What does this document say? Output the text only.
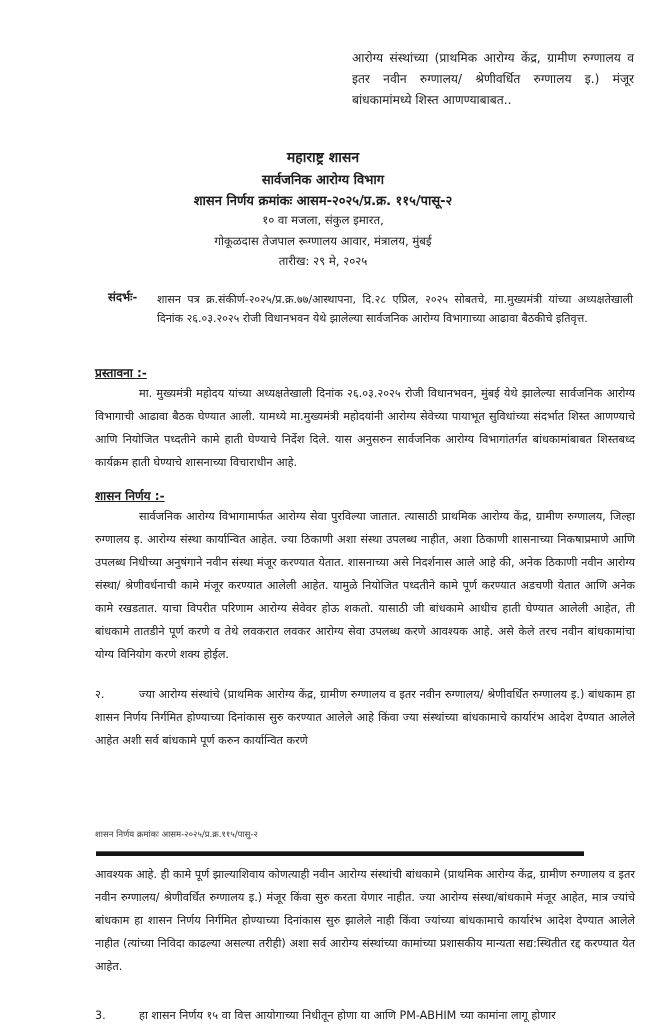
आरोग्य संस्थांच्या (प्राथमिक आरोग्य केंद्र, ग्रामीण रुग्णालय व इतर नवीन रुग्णालय/ श्रेणीवर्धित रुग्णालय इ.) मंजूर बांधकामांमध्ये शिस्त आणण्याबाबत..
महाराष्ट्र शासन
सार्वजनिक आरोग्य विभाग
शासन निर्णय क्रमांकः आसम-२०२५/प्र.क्र. ११५/पासू-२
१० वा मजला, संकुल इमारत,
गोकूळदास तेजपाल रूग्णालय आवार, मंत्रालय, मुंबई
तारीख: २९ मे, २०२५
संदर्भः- शासन पत्र क्र.संकीर्ण-२०२५/प्र.क्र.७७/आस्थापना, दि.२८ एप्रिल, २०२५ सोबतचे, मा.मुख्यमंत्री यांच्या अध्यक्षतेखाली दिनांक २६.०३.२०२५ रोजी विधानभवन येथे झालेल्या सार्वजनिक आरोग्य विभागाच्या आढावा बैठकीचे इतिवृत्त.
प्रस्तावना :-
मा. मुख्यमंत्री महोदय यांच्या अध्यक्षतेखाली दिनांक २६.०३.२०२५ रोजी विधानभवन, मुंबई येथे झालेल्या सार्वजनिक आरोग्य विभागाची आढावा बैठक घेण्यात आली. यामध्ये मा.मुख्यमंत्री महोदयांनी आरोग्य सेवेच्या पायाभूत सुविधांच्या संदर्भात शिस्त आणण्याचे आणि नियोजित पध्दतीने कामे हाती घेण्याचे निर्देश दिले. यास अनुसरुन सार्वजनिक आरोग्य विभागांतर्गत बांधकामांबाबत शिस्तबध्द कार्यक्रम हाती घेण्याचे शासनाच्या विचाराधीन आहे.
शासन निर्णय :-
सार्वजनिक आरोग्य विभागामार्फत आरोग्य सेवा पुरविल्या जातात. त्यासाठी प्राथमिक आरोग्य केंद्र, ग्रामीण रुग्णालय, जिल्हा रुग्णालय इ. आरोग्य संस्था कार्यान्वित आहेत. ज्या ठिकाणी अशा संस्था उपलब्ध नाहीत, अशा ठिकाणी शासनाच्या निकषाप्रमाणे आणि उपलब्ध निधीच्या अनुषंगाने नवीन संस्था मंजूर करण्यात येतात. शासनाच्या असे निदर्शनास आले आहे की, अनेक ठिकाणी नवीन आरोग्य संस्था/ श्रेणीवर्धनाची कामे मंजूर करण्यात आलेली आहेत. यामुळे नियोजित पध्दतीने कामे पूर्ण करण्यात अडचणी येतात आणि अनेक कामे रखडतात. याचा विपरीत परिणाम आरोग्य सेवेवर होऊ शकतो. यासाठी जी बांधकामे आधीच हाती घेण्यात आलेली आहेत, ती बांधकामे तातडीने पूर्ण करणे व तेथे लवकरात लवकर आरोग्य सेवा उपलब्ध करणे आवश्यक आहे. असे केले तरच नवीन बांधकामांचा योग्य विनियोग करणे शक्य होईल.
२.	ज्या आरोग्य संस्थांचे (प्राथमिक आरोग्य केंद्र, ग्रामीण रुग्णालय व इतर नवीन रुग्णालय/ श्रेणीवर्धित रुग्णालय इ.) बांधकाम हा शासन निर्णय निर्गमित होण्याच्या दिनांकास सुरु करण्यात आलेले आहे किंवा ज्या संस्थांच्या बांधकामाचे कार्यारंभ आदेश देण्यात आलेले आहेत अशी सर्व बांधकामे पूर्ण करुन कार्यान्वित करणे
शासन निर्णय क्रमांकः आसम-२०२५/प्र.क्र.११५/पासु-२
आवश्यक आहे. ही कामे पूर्ण झाल्याशिवाय कोणत्याही नवीन आरोग्य संस्थांची बांधकामे (प्राथमिक आरोग्य केंद्र, ग्रामीण रुग्णालय व इतर नवीन रुग्णालय/ श्रेणीवर्धित रुग्णालय इ.) मंजूर किंवा सुरु करता येणार नाहीत. ज्या आरोग्य संस्था/बांधकामे मंजूर आहेत, मात्र ज्यांचे बांधकाम हा शासन निर्णय निर्गमित होण्याच्या दिनांकास सुरु झालेले नाही किंवा ज्यांच्या बांधकामाचे कार्यारंभ आदेश देण्यात आलेले नाहीत (त्यांच्या निविदा काढल्या असल्या तरीही) अशा सर्व आरोग्य संस्थांच्या कामांच्या प्रशासकीय मान्यता सद्य:स्थितीत रद्द करण्यात येत आहेत.
3.	हा शासन निर्णय १५ वा वित्त आयोगाच्या निधीतून होणा या आणि PM-ABHIM च्या कामांना लागू होणार
